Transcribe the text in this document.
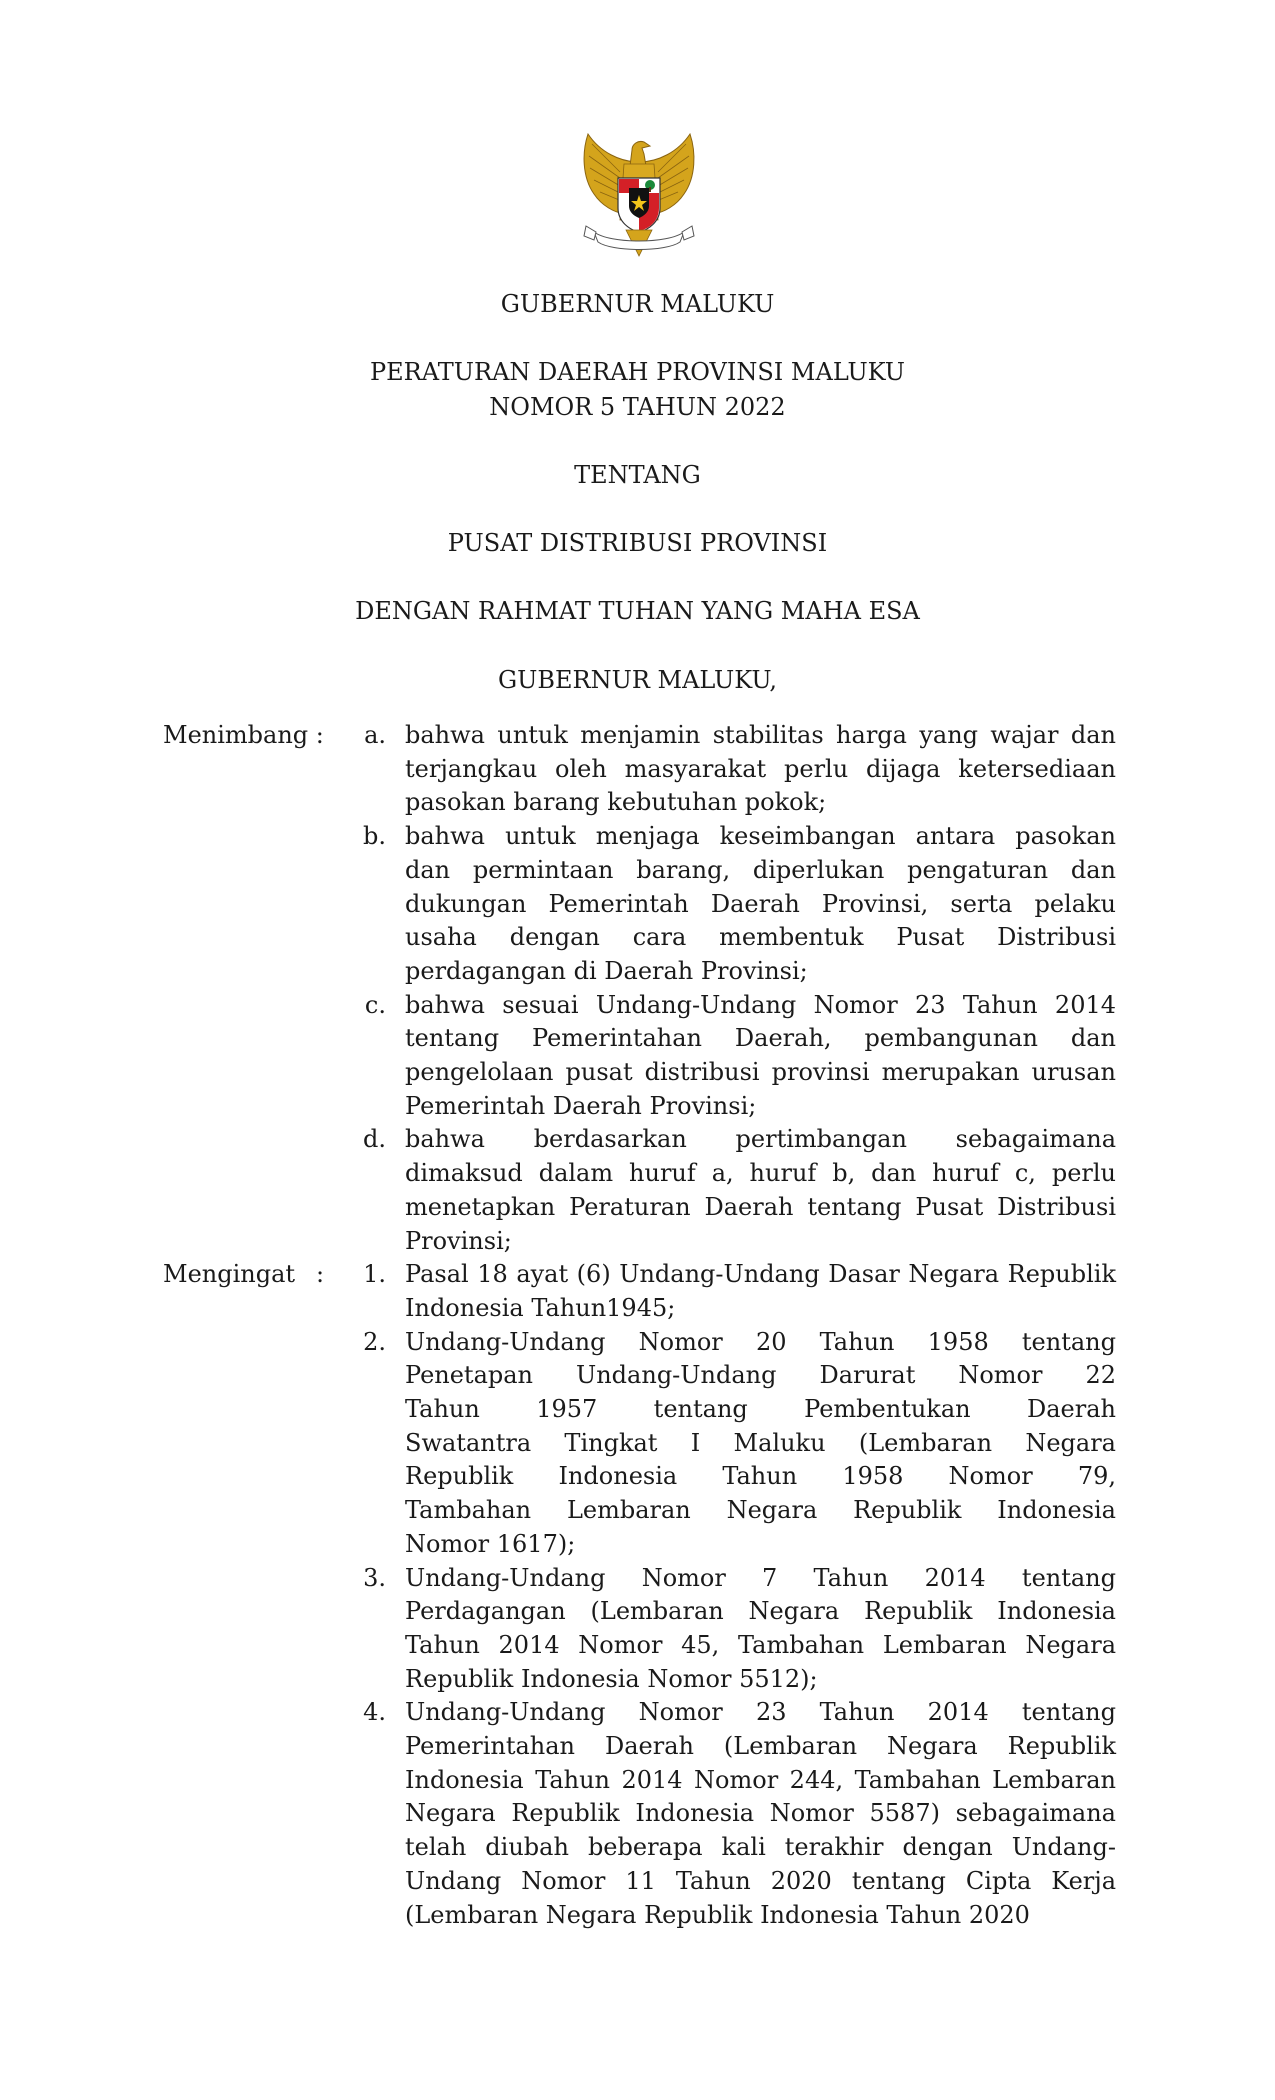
GUBERNUR MALUKU
PERATURAN DAERAH PROVINSI MALUKU
NOMOR 5 TAHUN 2022
TENTANG
PUSAT DISTRIBUSI PROVINSI
DENGAN RAHMAT TUHAN YANG MAHA ESA
GUBERNUR MALUKU,
Menimbang :
Mengingat :
a. bahwa untuk menjamin stabilitas harga yang wajar dan
terjangkau oleh masyarakat perlu dijaga ketersediaan
pasokan barang kebutuhan pokok;
b. bahwa untuk menjaga keseimbangan antara pasokan
dan permintaan barang, diperlukan pengaturan dan
dukungan Pemerintah Daerah Provinsi, serta pelaku
usaha dengan cara membentuk Pusat Distribusi
perdagangan di Daerah Provinsi;
c. bahwa sesuai Undang-Undang Nomor 23 Tahun 2014
tentang Pemerintahan Daerah, pembangunan dan
pengelolaan pusat distribusi provinsi merupakan urusan
Pemerintah Daerah Provinsi;
d. bahwa berdasarkan pertimbangan sebagaimana
dimaksud dalam huruf a, huruf b, dan huruf c, perlu
menetapkan Peraturan Daerah tentang Pusat Distribusi
Provinsi;
1. Pasal 18 ayat (6) Undang-Undang Dasar Negara Republik
Indonesia Tahun1945;
2. Undang-Undang Nomor 20 Tahun 1958 tentang
Penetapan Undang-Undang Darurat Nomor 22
Tahun 1957 tentang Pembentukan Daerah
Swatantra Tingkat I Maluku (Lembaran Negara
Republik Indonesia Tahun 1958 Nomor 79,
Tambahan Lembaran Negara Republik Indonesia
Nomor 1617);
3. Undang-Undang Nomor 7 Tahun 2014 tentang
Perdagangan (Lembaran Negara Republik Indonesia
Tahun 2014 Nomor 45, Tambahan Lembaran Negara
Republik Indonesia Nomor 5512);
4. Undang-Undang Nomor 23 Tahun 2014 tentang
Pemerintahan Daerah (Lembaran Negara Republik
Indonesia Tahun 2014 Nomor 244, Tambahan Lembaran
Negara Republik Indonesia Nomor 5587) sebagaimana
telah diubah beberapa kali terakhir dengan Undang-
Undang Nomor 11 Tahun 2020 tentang Cipta Kerja
(Lembaran Negara Republik Indonesia Tahun 2020
